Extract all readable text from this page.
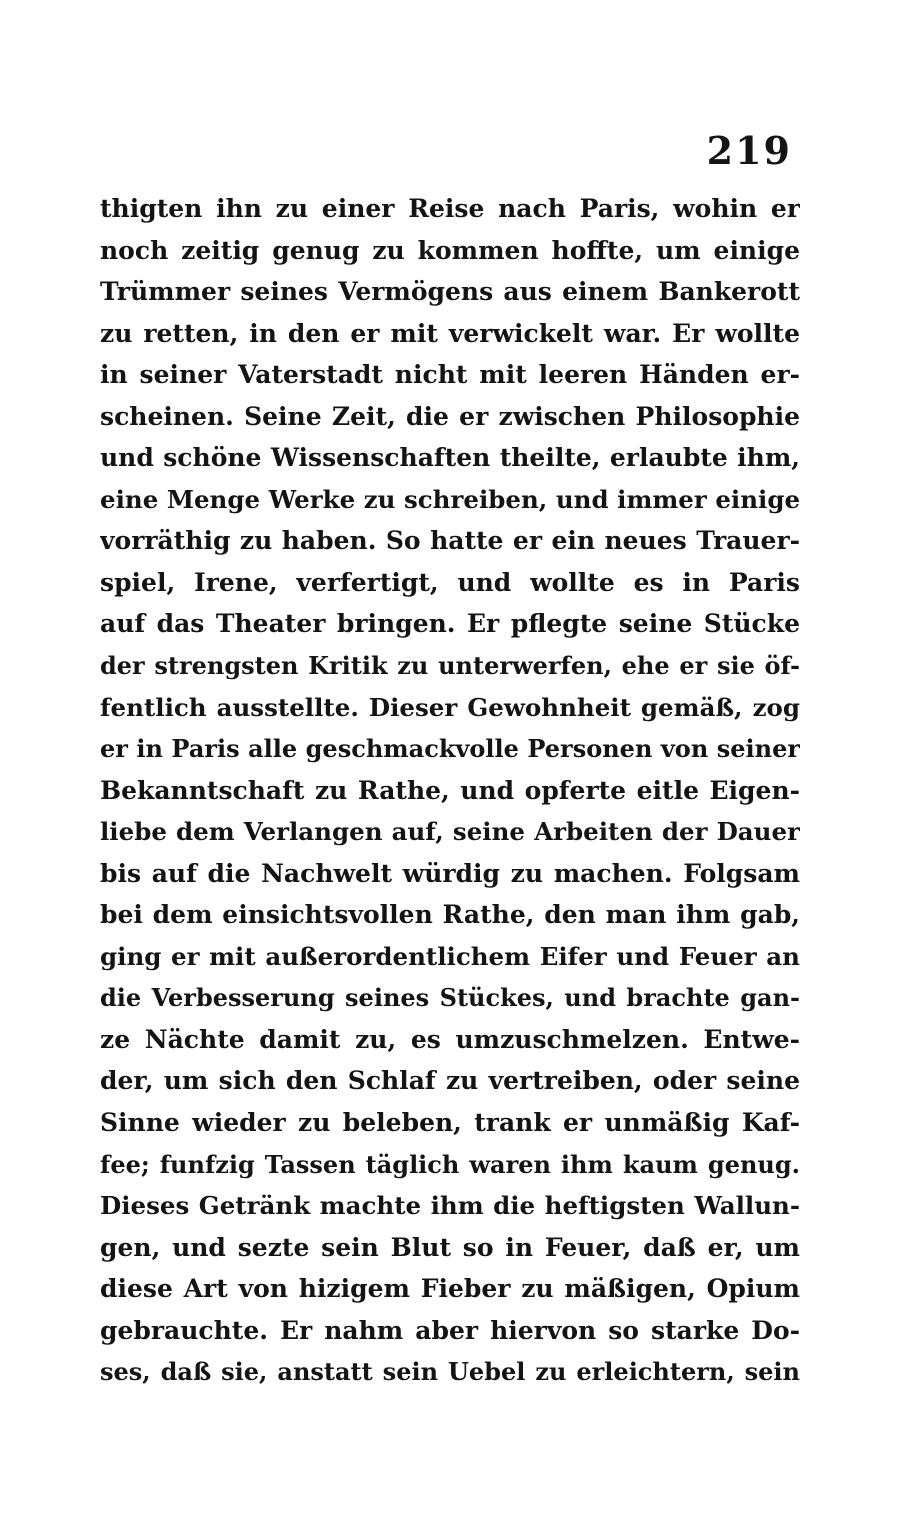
219
thigten ihn zu einer Reise nach Paris, wohin er
noch zeitig genug zu kommen hoffte, um einige
Trümmer seines Vermögens aus einem Bankerott
zu retten, in den er mit verwickelt war. Er wollte
in seiner Vaterstadt nicht mit leeren Händen er-
scheinen. Seine Zeit, die er zwischen Philosophie
und schöne Wissenschaften theilte, erlaubte ihm,
eine Menge Werke zu schreiben, und immer einige
vorräthig zu haben. So hatte er ein neues Trauer-
spiel, Irene, verfertigt, und wollte es in Paris
auf das Theater bringen. Er pflegte seine Stücke
der strengsten Kritik zu unterwerfen, ehe er sie öf-
fentlich ausstellte. Dieser Gewohnheit gemäß, zog
er in Paris alle geschmackvolle Personen von seiner
Bekanntschaft zu Rathe, und opferte eitle Eigen-
liebe dem Verlangen auf, seine Arbeiten der Dauer
bis auf die Nachwelt würdig zu machen. Folgsam
bei dem einsichtsvollen Rathe, den man ihm gab,
ging er mit außerordentlichem Eifer und Feuer an
die Verbesserung seines Stückes, und brachte gan-
ze Nächte damit zu, es umzuschmelzen. Entwe-
der, um sich den Schlaf zu vertreiben, oder seine
Sinne wieder zu beleben, trank er unmäßig Kaf-
fee; funfzig Tassen täglich waren ihm kaum genug.
Dieses Getränk machte ihm die heftigsten Wallun-
gen, und sezte sein Blut so in Feuer, daß er, um
diese Art von hizigem Fieber zu mäßigen, Opium
gebrauchte. Er nahm aber hiervon so starke Do-
ses, daß sie, anstatt sein Uebel zu erleichtern, sein
